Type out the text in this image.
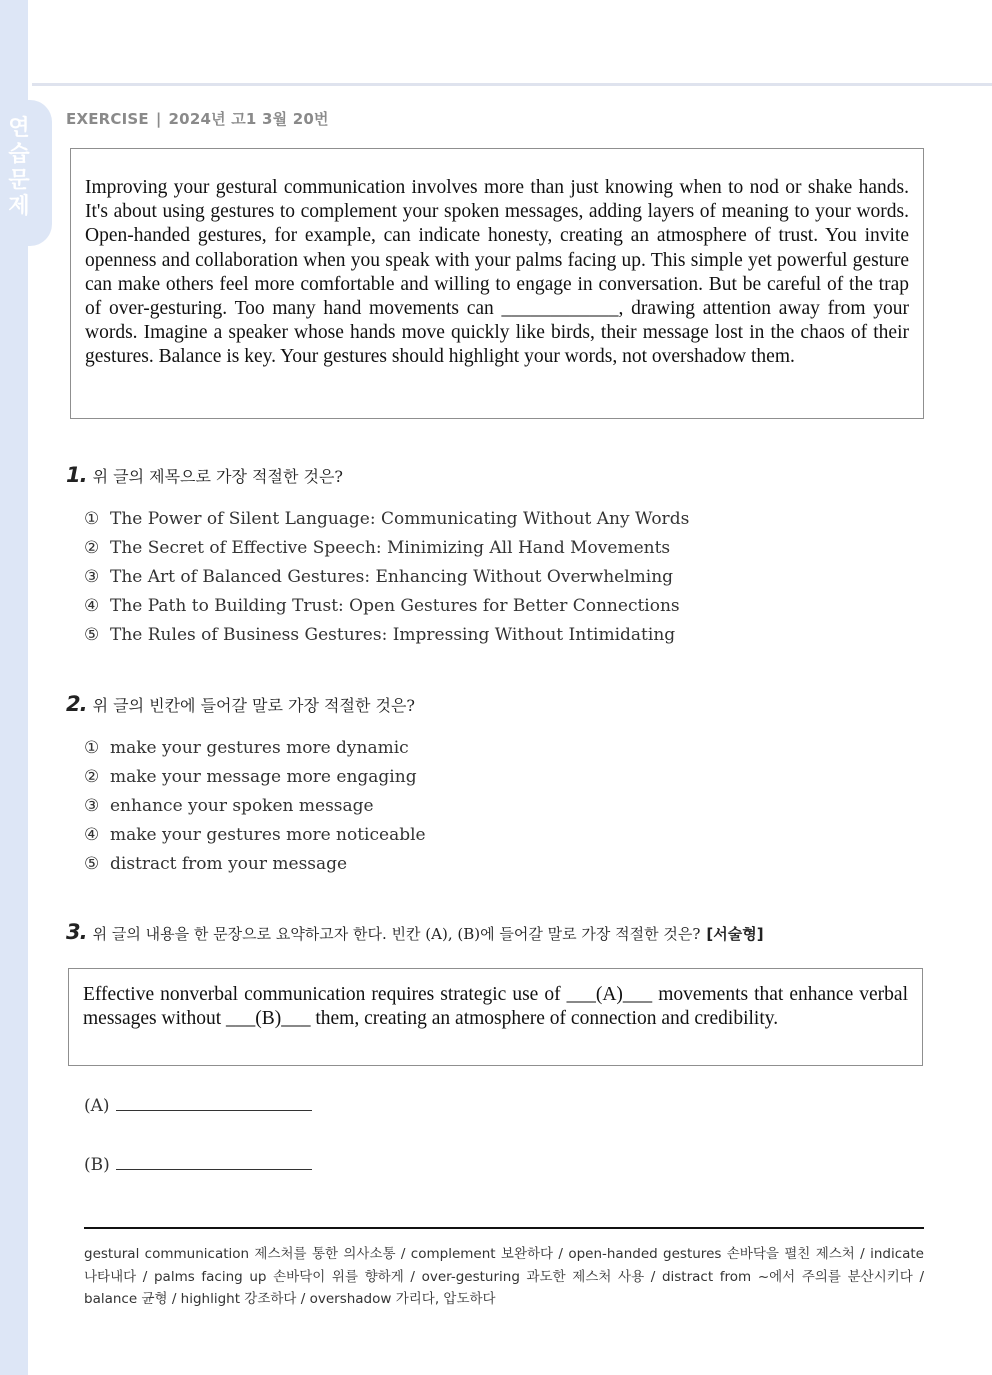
연습문제
EXERCISE | 2024년 고1 3월 20번
Improving your gestural communication involves more than just knowing when to nod or shake hands. It's about using gestures to complement your spoken messages, adding layers of meaning to your words. Open-handed gestures, for example, can indicate honesty, creating an atmosphere of trust. You invite openness and collaboration when you speak with your palms facing up. This simple yet powerful gesture can make others feel more comfortable and willing to engage in conversation. But be careful of the trap of over-gesturing. Too many hand movements can ____________, drawing attention away from your words. Imagine a speaker whose hands move quickly like birds, their message lost in the chaos of their gestures. Balance is key. Your gestures should highlight your words, not overshadow them.
1. 위 글의 제목으로 가장 적절한 것은?
① The Power of Silent Language: Communicating Without Any Words
② The Secret of Effective Speech: Minimizing All Hand Movements
③ The Art of Balanced Gestures: Enhancing Without Overwhelming
④ The Path to Building Trust: Open Gestures for Better Connections
⑤ The Rules of Business Gestures: Impressing Without Intimidating
2. 위 글의 빈칸에 들어갈 말로 가장 적절한 것은?
① make your gestures more dynamic
② make your message more engaging
③ enhance your spoken message
④ make your gestures more noticeable
⑤ distract from your message
3. 위 글의 내용을 한 문장으로 요약하고자 한다. 빈칸 (A), (B)에 들어갈 말로 가장 적절한 것은? [서술형]
Effective nonverbal communication requires strategic use of ___(A)___ movements that enhance verbal messages without ___(B)___ them, creating an atmosphere of connection and credibility.
(A)
(B)
gestural communication 제스처를 통한 의사소통 / complement 보완하다 / open-handed gestures 손바닥을 펼친 제스처 / indicate 나타내다 / palms facing up 손바닥이 위를 향하게 / over-gesturing 과도한 제스처 사용 / distract from ~에서 주의를 분산시키다 / balance 균형 / highlight 강조하다 / overshadow 가리다, 압도하다
